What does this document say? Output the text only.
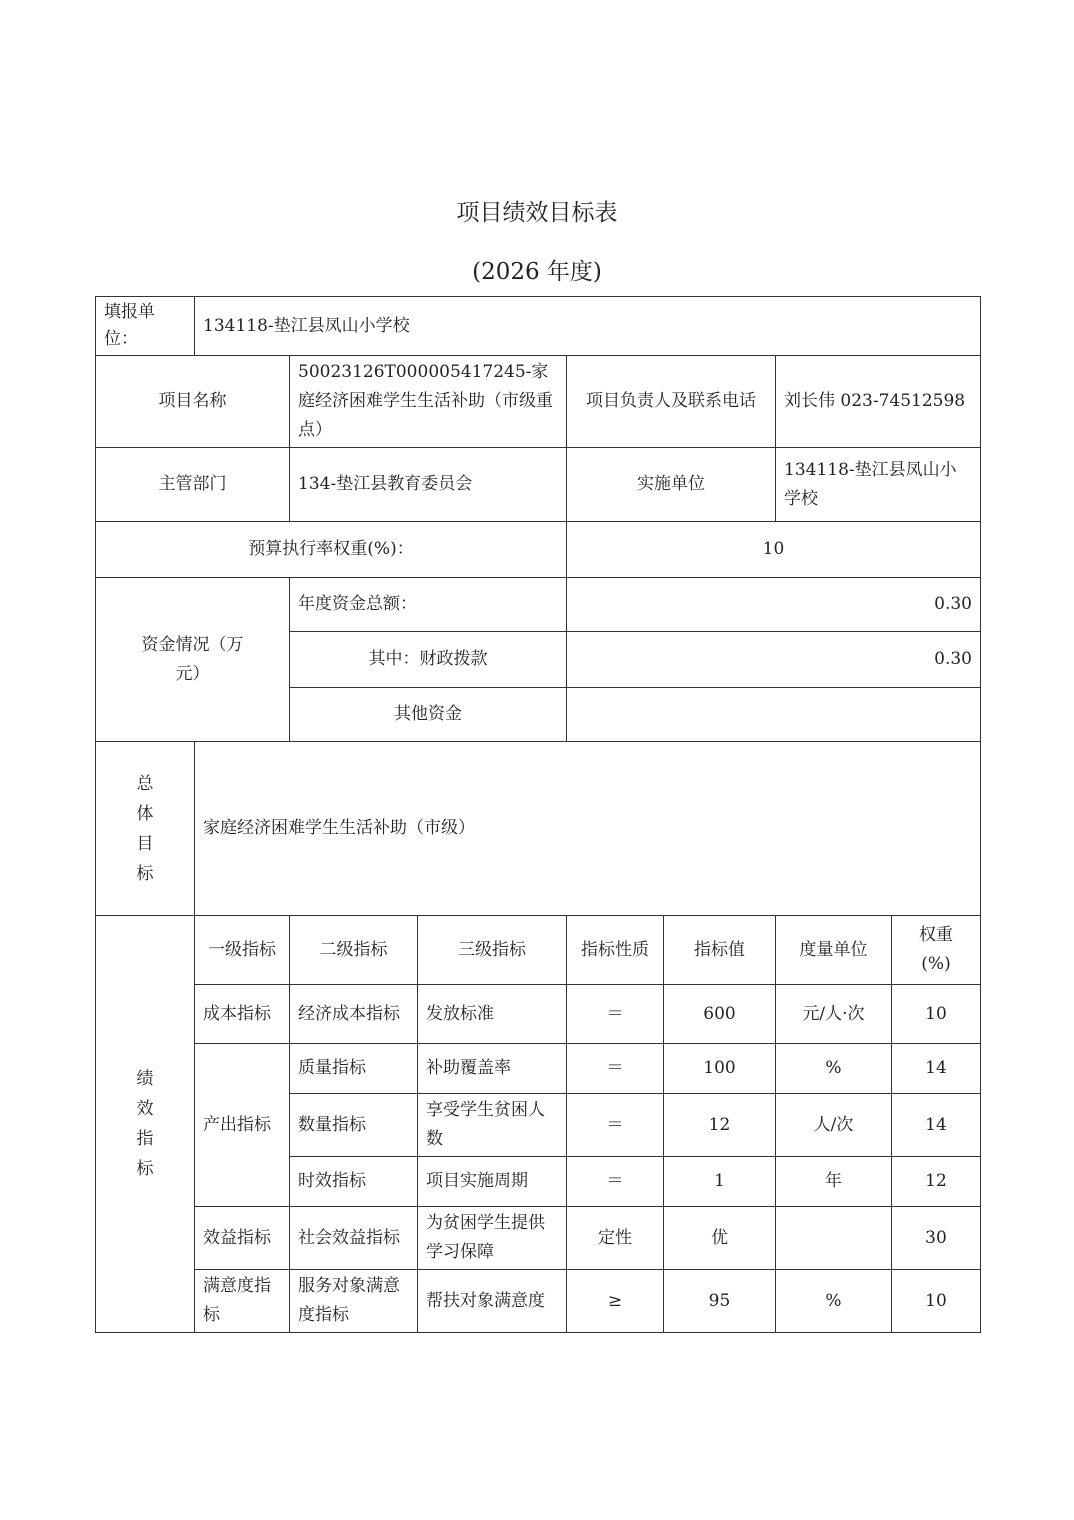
项目绩效目标表
(2026 年度)
填报单位：	134118-垫江县凤山小学校						
项目名称		50023126T000005417245-家庭经济困难学生生活补助（市级重点）		项目负责人及联系电话		刘长伟 023-74512598	
主管部门		134-垫江县教育委员会		实施单位		134118-垫江县凤山小学校	
预算执行率权重(%)：				10			
资金情况（万元）		年度资金总额：		0.30			
		其中：财政拨款		0.30			
		其他资金					
总体目标	家庭经济困难学生生活补助（市级）						
绩效指标	一级指标	二级指标	三级指标	指标性质	指标值	度量单位	权重(%)
	成本指标	经济成本指标	发放标准	＝	600	元/人·次	10
	产出指标	质量指标	补助覆盖率	＝	100	%	14
		数量指标	享受学生贫困人数	＝	12	人/次	14
		时效指标	项目实施周期	＝	1	年	12
	效益指标	社会效益指标	为贫困学生提供学习保障	定性	优		30
	满意度指标	服务对象满意度指标	帮扶对象满意度	≥	95	%	10
